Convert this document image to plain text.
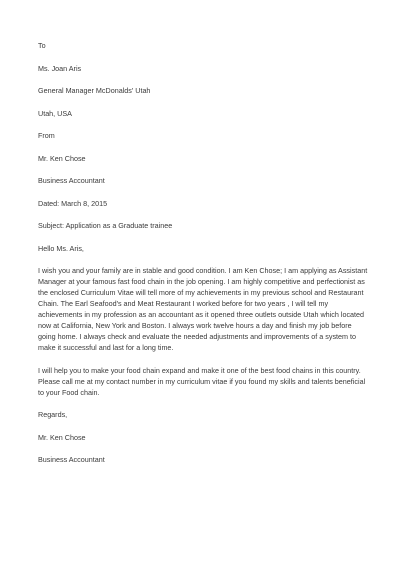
To
Ms. Joan Aris
General Manager McDonalds' Utah
Utah, USA
From
Mr. Ken Chose
Business Accountant
Dated: March 8, 2015
Subject: Application as a Graduate trainee
Hello Ms. Aris,
I wish you and your family are in stable and good condition. I am Ken Chose; I am applying as Assistant
Manager at your famous fast food chain in the job opening. I am highly competitive and perfectionist as
the enclosed Curriculum Vitae will tell more of my achievements in my previous school and Restaurant
Chain. The Earl Seafood's and Meat Restaurant I worked before for two years , I will tell my
achievements in my profession as an accountant as it opened three outlets outside Utah which located
now at California, New York and Boston. I always work twelve hours a day and finish my job before
going home. I always check and evaluate the needed adjustments and improvements of a system to
make it successful and last for a long time.
I will help you to make your food chain expand and make it one of the best food chains in this country.
Please call me at my contact number in my curriculum vitae if you found my skills and talents beneficial
to your Food chain.
Regards,
Mr. Ken Chose
Business Accountant
